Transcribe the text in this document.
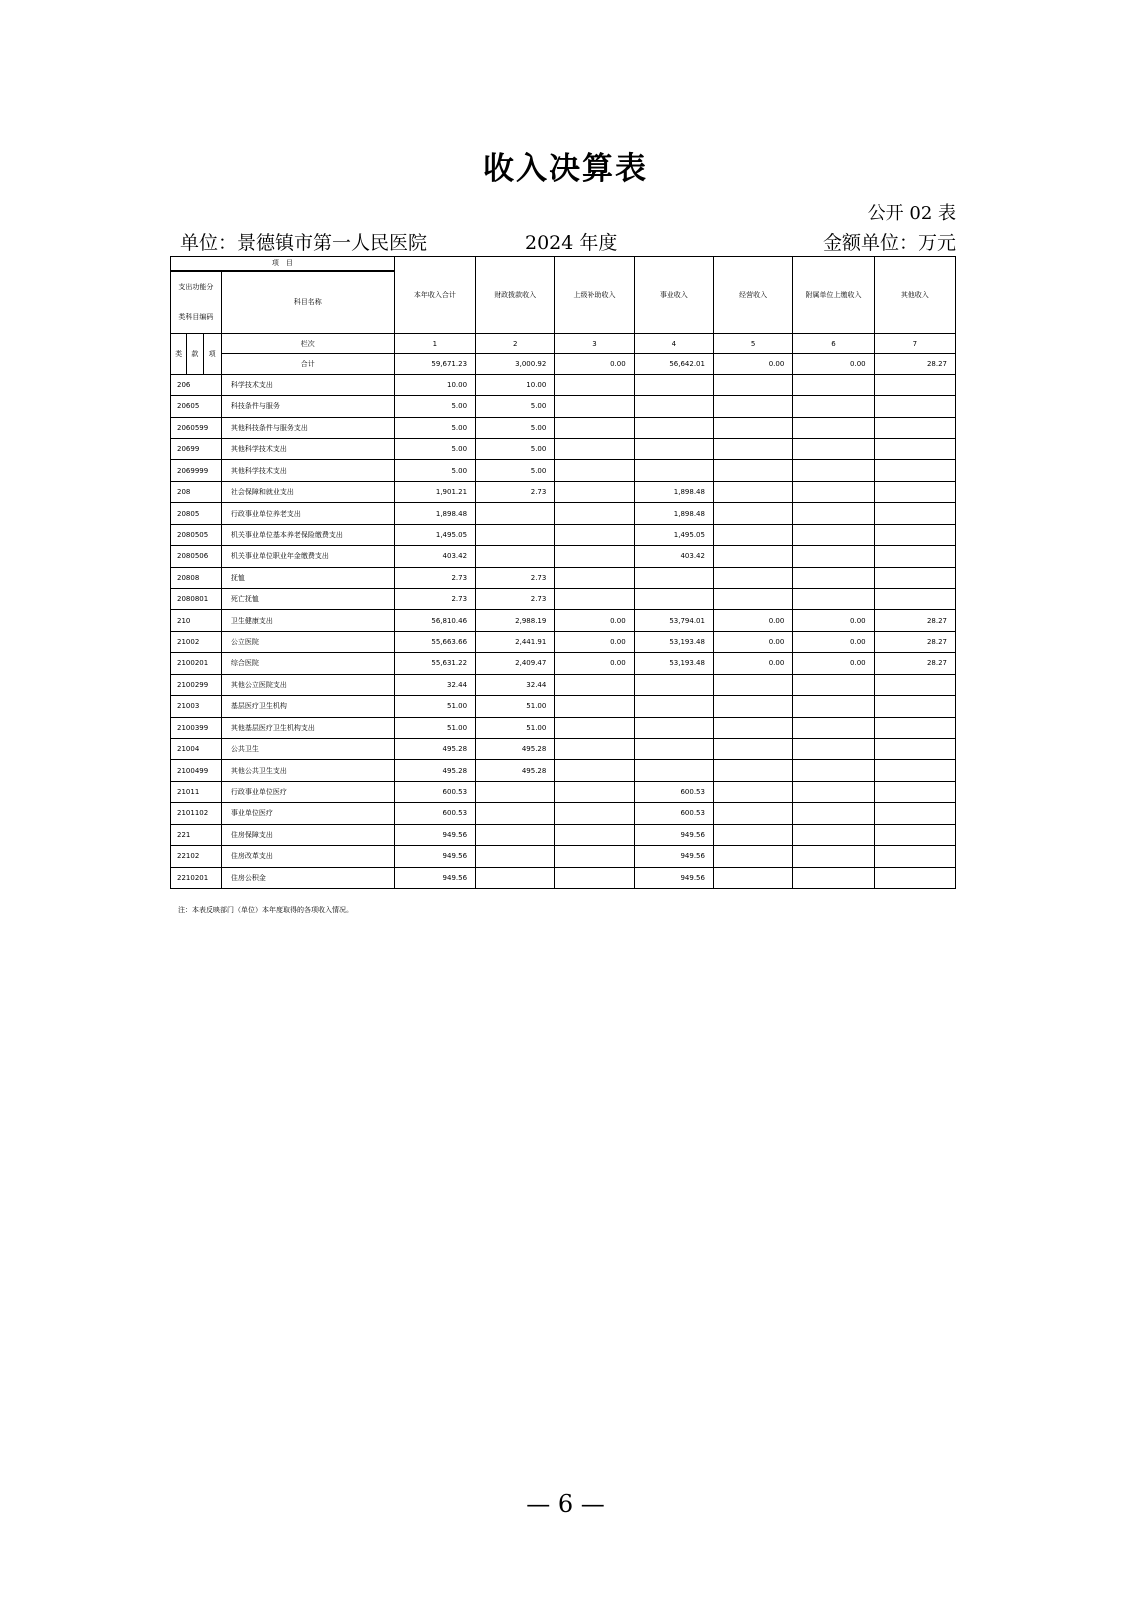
收入决算表
公开 02 表
单位：景德镇市第一人民医院	2024 年度	金额单位：万元
项　目				本年收入合计	财政拨款收入	上级补助收入	事业收入	经营收入	附属单位上缴收入	其他收入
支出功能分
类科目编码			科目名称							
类	款	项	栏次	1	2	3	4	5	6	7
			合计	59,671.23	3,000.92	0.00	56,642.01	0.00	0.00	28.27
206			科学技术支出	10.00	10.00					
20605			科技条件与服务	5.00	5.00					
2060599			其他科技条件与服务支出	5.00	5.00					
20699			其他科学技术支出	5.00	5.00					
2069999			其他科学技术支出	5.00	5.00					
208			社会保障和就业支出	1,901.21	2.73		1,898.48			
20805			行政事业单位养老支出	1,898.48			1,898.48			
2080505			机关事业单位基本养老保险缴费支出	1,495.05			1,495.05			
2080506			机关事业单位职业年金缴费支出	403.42			403.42			
20808			抚恤	2.73	2.73					
2080801			死亡抚恤	2.73	2.73					
210			卫生健康支出	56,810.46	2,988.19	0.00	53,794.01	0.00	0.00	28.27
21002			公立医院	55,663.66	2,441.91	0.00	53,193.48	0.00	0.00	28.27
2100201			综合医院	55,631.22	2,409.47	0.00	53,193.48	0.00	0.00	28.27
2100299			其他公立医院支出	32.44	32.44					
21003			基层医疗卫生机构	51.00	51.00					
2100399			其他基层医疗卫生机构支出	51.00	51.00					
21004			公共卫生	495.28	495.28					
2100499			其他公共卫生支出	495.28	495.28					
21011			行政事业单位医疗	600.53			600.53			
2101102			事业单位医疗	600.53			600.53			
221			住房保障支出	949.56			949.56			
22102			住房改革支出	949.56			949.56			
2210201			住房公积金	949.56			949.56			
注：本表反映部门（单位）本年度取得的各项收入情况。
— 6 —
